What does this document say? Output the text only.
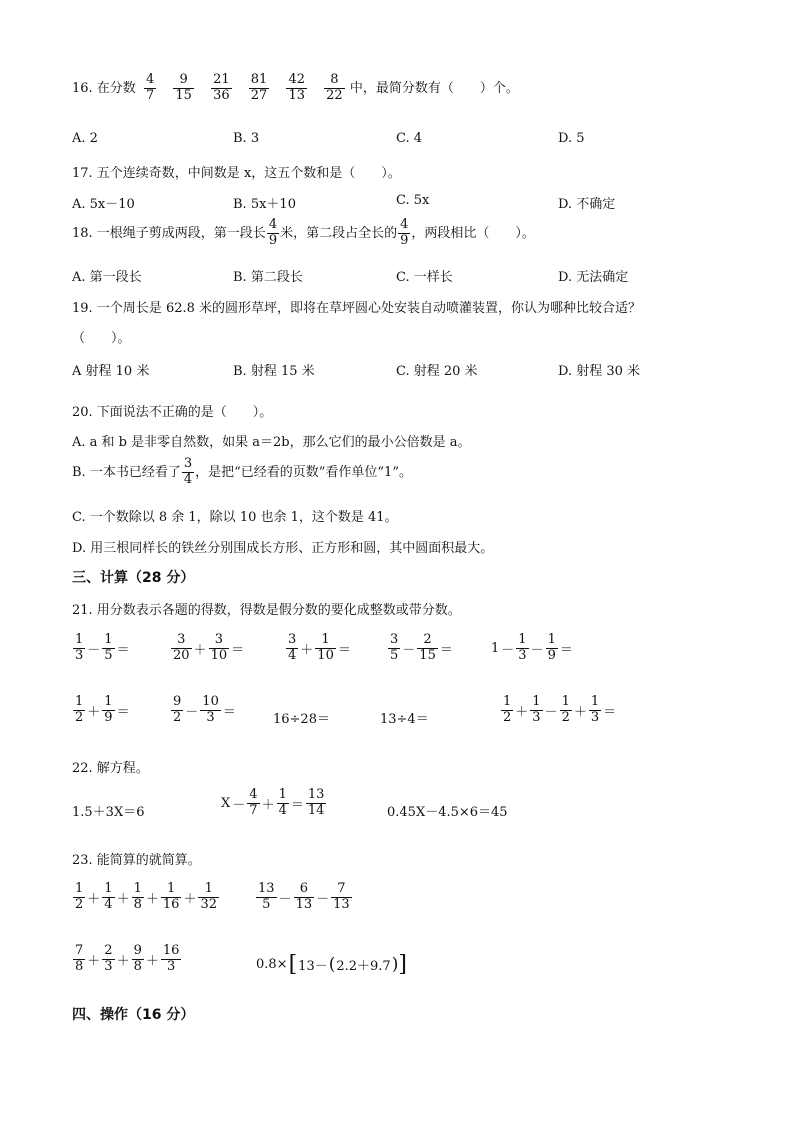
16. 在分数 $\frac{4}{7}$
$\frac{9}{15}$
$\frac{21}{36}$
$\frac{81}{27}$
$\frac{42}{13}$
$\frac{8}{22}$ 中，最简分数有（　　）个。
A. 2	B. 3	C. 4	D. 5
17. 五个连续奇数，中间数是 x，这五个数和是（　　）。
A. 5x－10	B. 5x＋10	C. 5x	D. 不确定
18. 一根绳子剪成两段，第一段长 $\frac{4}{9}$ 米，第二段占全长的 $\frac{4}{9}$ ，两段相比（　　）。
A. 第一段长	B. 第二段长	C. 一样长	D. 无法确定
19. 一个周长是 62.8 米的圆形草坪，即将在草坪圆心处安装自动喷灌装置，你认为哪种比较合适？
（　　）。
A 射程 10 米	B. 射程 15 米	C. 射程 20 米	D. 射程 30 米
20. 下面说法不正确的是（　　）。
A. a 和 b 是非零自然数，如果 a＝2b，那么它们的最小公倍数是 a。
B. 一本书已经看了 $\frac{3}{4}$ ，是把“已经看的页数”看作单位“1”。
C. 一个数除以 8 余 1，除以 10 也余 1，这个数是 41。
D. 用三根同样长的铁丝分别围成长方形、正方形和圆，其中圆面积最大。
三、计算（28 分）
21. 用分数表示各题的得数，得数是假分数的要化成整数或带分数。
$\frac{1}{3} - \frac{1}{5}$ ＝	$\frac{3}{20} + \frac{3}{10}$ ＝	$\frac{3}{4} + \frac{1}{10}$ ＝	$\frac{3}{5} - \frac{2}{15}$ ＝	$1 - \frac{1}{3} - \frac{1}{9}$ ＝
$\frac{1}{2} + \frac{1}{9}$ ＝	$\frac{9}{2} - \frac{10}{3}$ ＝	16÷28＝	13÷4＝	$\frac{1}{2} + \frac{1}{3} - \frac{1}{2} + \frac{1}{3}$ ＝
22. 解方程。
1.5＋3X＝6
$X - \frac{4}{7} + \frac{1}{4} = \frac{13}{14}$	0.45X－4.5×6＝45
23. 能简算的就简算。
$\frac{1}{2} + \frac{1}{4} + \frac{1}{8} + \frac{1}{16} + \frac{1}{32}$	$\frac{13}{5} - \frac{6}{13} - \frac{7}{13}$
$\frac{7}{8} + \frac{2}{3} + \frac{9}{8} + \frac{16}{3}$	0.8×[13－(2.2＋9.7)]
四、操作（16 分）
